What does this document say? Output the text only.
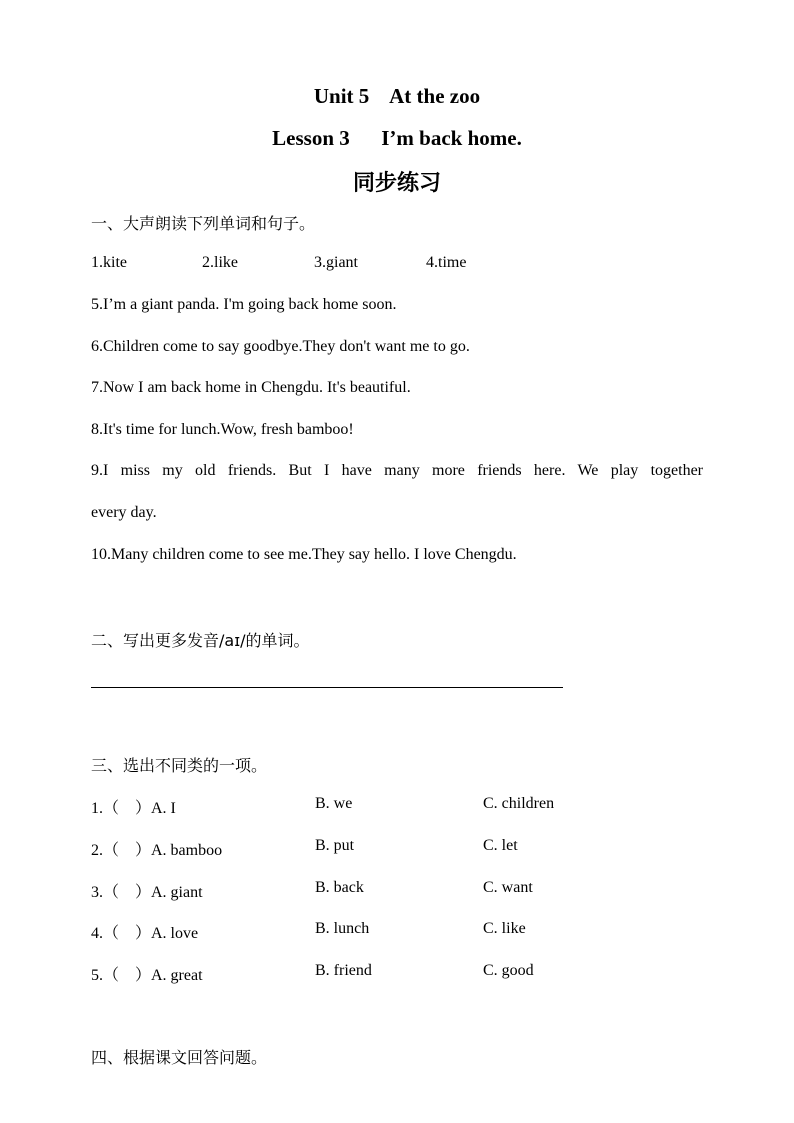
Unit 5    At the zoo
Lesson 3      I’m back home.
同步练习
一、大声朗读下列单词和句子。
1.kite	2.like	3.giant	4.time
5.I’m a giant panda. I'm going back home soon.
6.Children come to say goodbye.They don't want me to go.
7.Now I am back home in Chengdu. It's beautiful.
8.It's time for lunch.Wow, fresh bamboo!
9.I miss my old friends. But I have many more friends here. We play together
every day.
10.Many children come to see me.They say hello. I love Chengdu.
二、写出更多发音/aɪ/的单词。
三、选出不同类的一项。
1.（    ）A. I	B. we	C. children
2.（    ）A. bamboo	B. put	C. let
3.（    ）A. giant	B. back	C. want
4.（    ）A. love	B. lunch	C. like
5.（    ）A. great	B. friend	C. good
四、根据课文回答问题。
